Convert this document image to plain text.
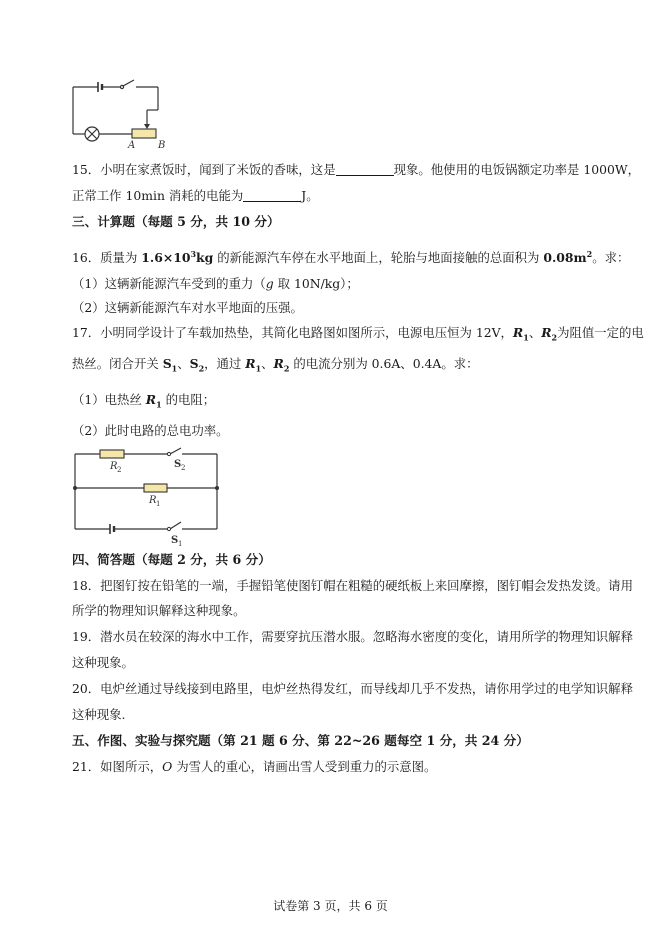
A B
15．小明在家煮饭时，闻到了米饭的香味，这是	现象。他使用的电饭锅额定功率是 1000W，
正常工作 10min 消耗的电能为	J。
三、计算题（每题 5 分，共 10 分）
16．质量为 $1.6\times 10^3kg$ 的新能源汽车停在水平地面上，轮胎与地面接触的总面积为 $0.08m^2$。求：
（1）这辆新能源汽车受到的重力（g 取 10N/kg）；
（2）这辆新能源汽车对水平地面的压强。
17．小明同学设计了车载加热垫，其简化电路图如图所示，电源电压恒为 12V，$R_1$、$R_2$为阻值一定的电
热丝。闭合开关 $S_1$、$S_2$，通过 $R_1$、$R_2$ 的电流分别为 0.6A、0.4A。求：
（1）电热丝 $R_1$ 的电阻；
（2）此时电路的总电功率。
R 2
R 1
S 2
S 1
四、简答题（每题 2 分，共 6 分）
18．把图钉按在铅笔的一端，手握铅笔使图钉帽在粗糙的硬纸板上来回摩擦，图钉帽会发热发烫。请用
所学的物理知识解释这种现象。
19．潜水员在较深的海水中工作，需要穿抗压潜水服。忽略海水密度的变化，请用所学的物理知识解释
这种现象。
20．电炉丝通过导线接到电路里，电炉丝热得发红，而导线却几乎不发热，请你用学过的电学知识解释
这种现象.
五、作图、实验与探究题（第 21 题 6 分、第 22~26 题每空 1 分，共 24 分）
21．如图所示，O 为雪人的重心，请画出雪人受到重力的示意图。
试卷第 3 页，共 6 页
